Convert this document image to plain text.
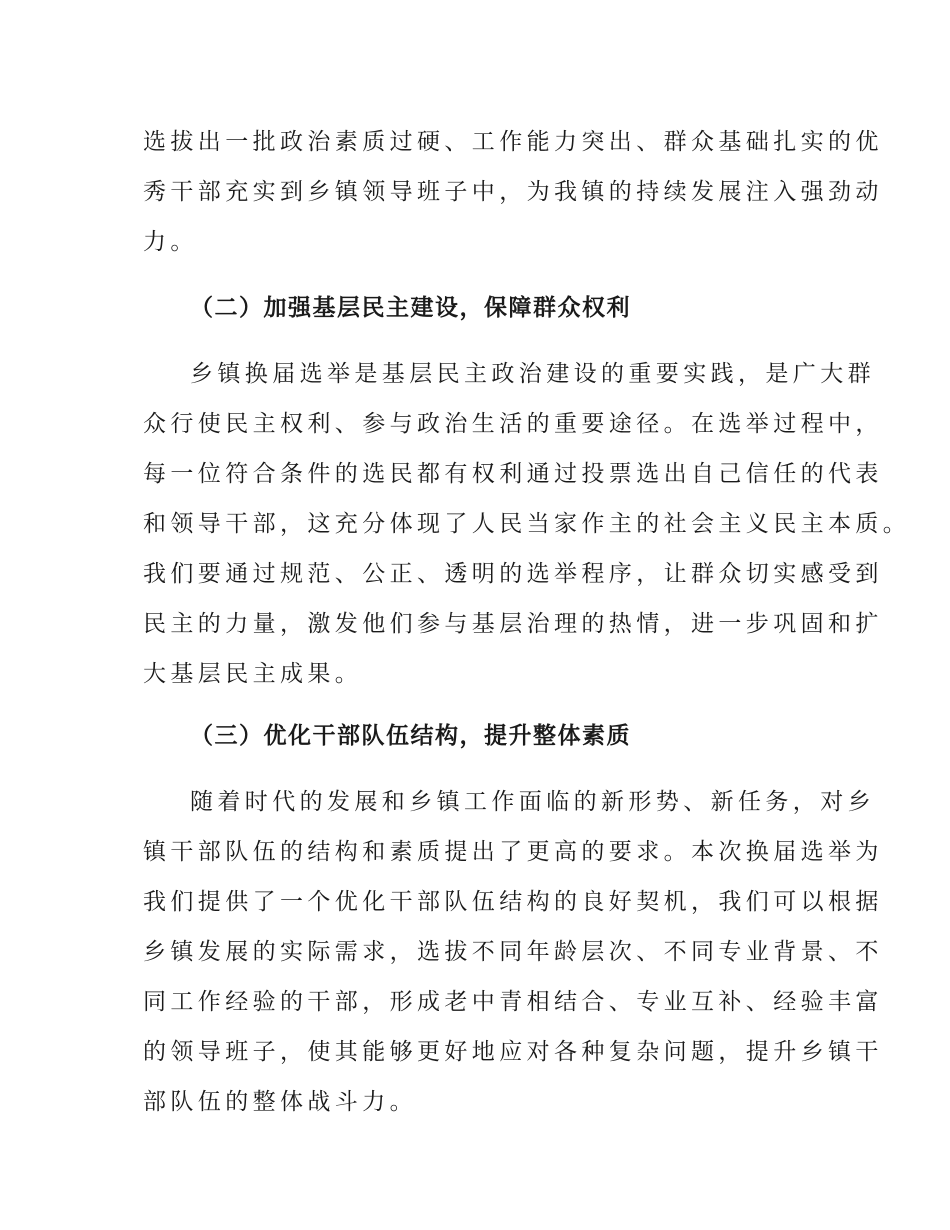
选拔出一批政治素质过硬、工作能力突出、群众基础扎实的优
秀干部充实到乡镇领导班子中，为我镇的持续发展注入强劲动
力。
（二）加强基层民主建设，保障群众权利
乡镇换届选举是基层民主政治建设的重要实践，是广大群
众行使民主权利、参与政治生活的重要途径。在选举过程中，
每一位符合条件的选民都有权利通过投票选出自己信任的代表
和领导干部，这充分体现了人民当家作主的社会主义民主本质。
我们要通过规范、公正、透明的选举程序，让群众切实感受到
民主的力量，激发他们参与基层治理的热情，进一步巩固和扩
大基层民主成果。
（三）优化干部队伍结构，提升整体素质
随着时代的发展和乡镇工作面临的新形势、新任务，对乡
镇干部队伍的结构和素质提出了更高的要求。本次换届选举为
我们提供了一个优化干部队伍结构的良好契机，我们可以根据
乡镇发展的实际需求，选拔不同年龄层次、不同专业背景、不
同工作经验的干部，形成老中青相结合、专业互补、经验丰富
的领导班子，使其能够更好地应对各种复杂问题，提升乡镇干
部队伍的整体战斗力。
